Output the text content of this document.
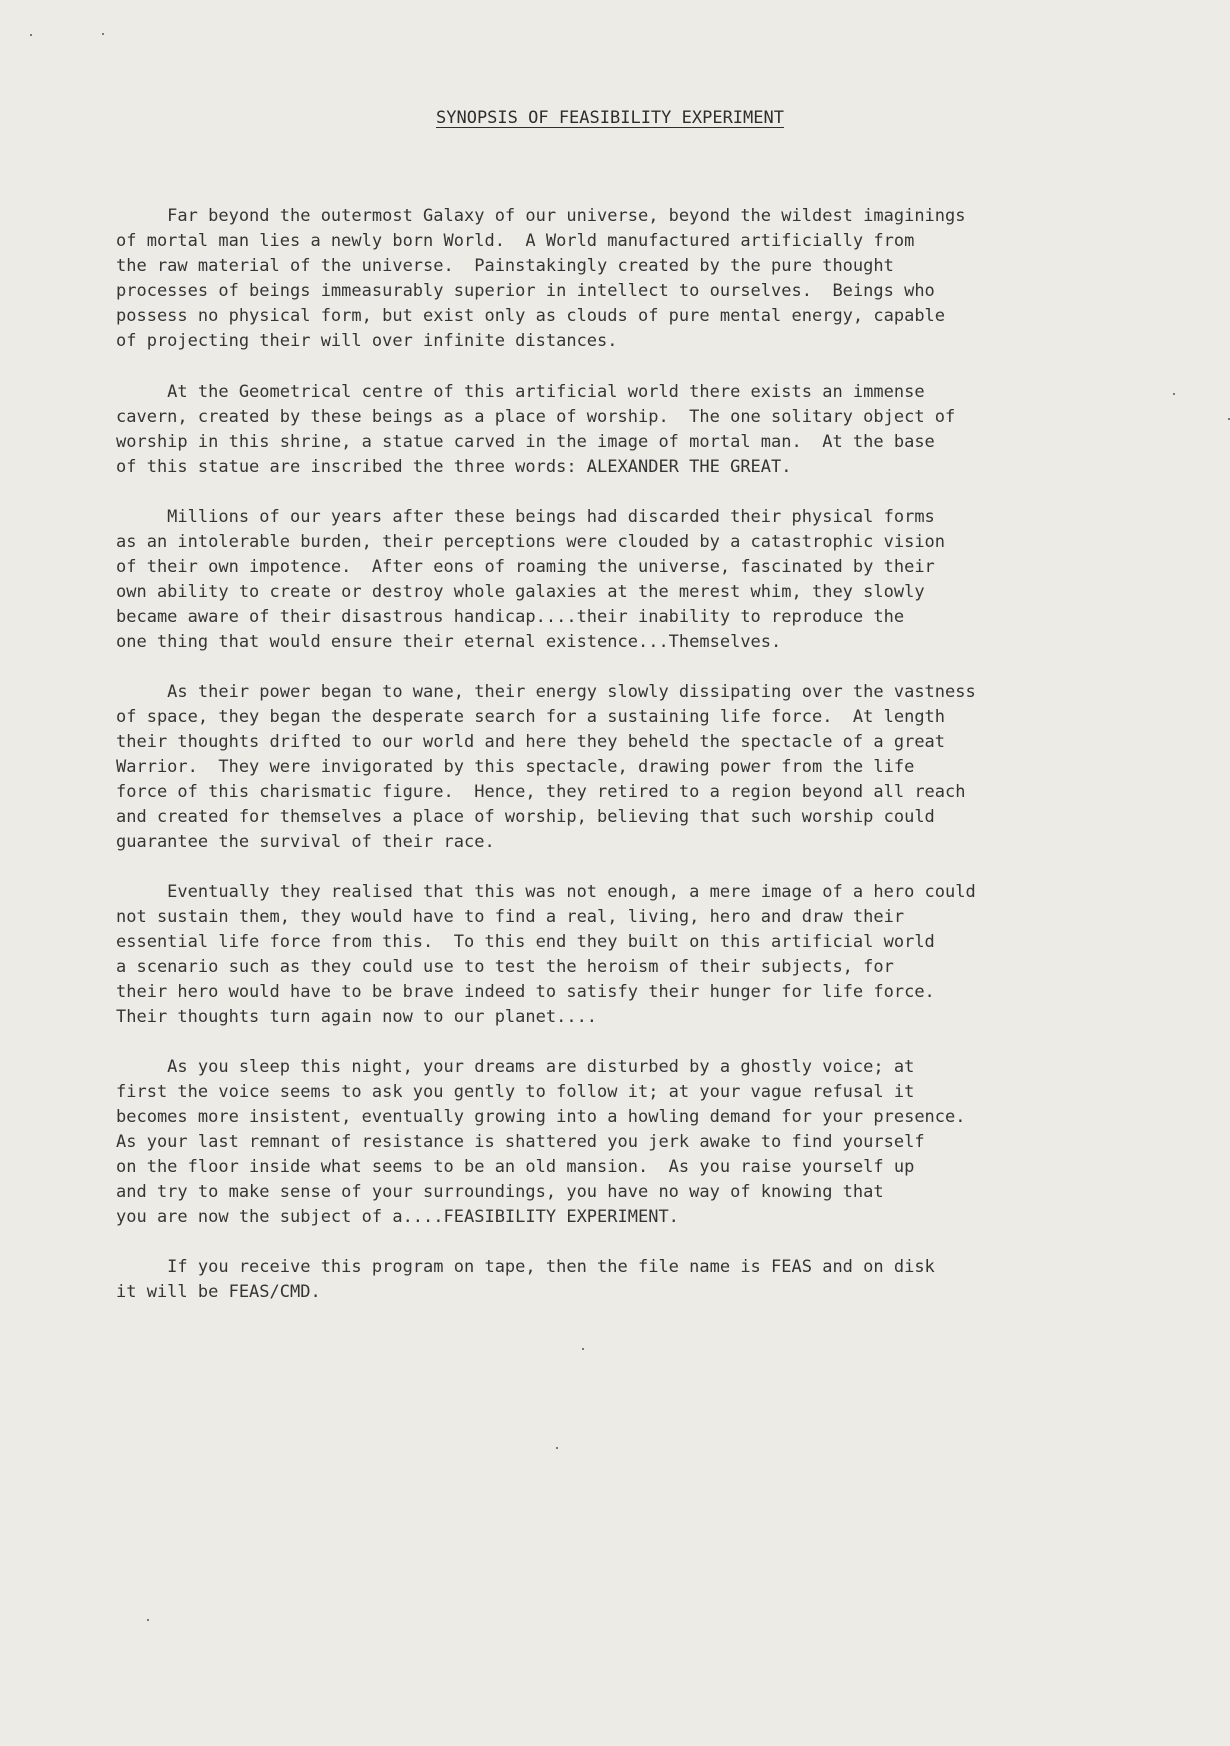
SYNOPSIS OF FEASIBILITY EXPERIMENT
Far beyond the outermost Galaxy of our universe, beyond the wildest imaginings
of mortal man lies a newly born World.  A World manufactured artificially from
the raw material of the universe.  Painstakingly created by the pure thought
processes of beings immeasurably superior in intellect to ourselves.  Beings who
possess no physical form, but exist only as clouds of pure mental energy, capable
of projecting their will over infinite distances.
At the Geometrical centre of this artificial world there exists an immense
cavern, created by these beings as a place of worship.  The one solitary object of
worship in this shrine, a statue carved in the image of mortal man.  At the base
of this statue are inscribed the three words: ALEXANDER THE GREAT.
Millions of our years after these beings had discarded their physical forms
as an intolerable burden, their perceptions were clouded by a catastrophic vision
of their own impotence.  After eons of roaming the universe, fascinated by their
own ability to create or destroy whole galaxies at the merest whim, they slowly
became aware of their disastrous handicap....their inability to reproduce the
one thing that would ensure their eternal existence...Themselves.
As their power began to wane, their energy slowly dissipating over the vastness
of space, they began the desperate search for a sustaining life force.  At length
their thoughts drifted to our world and here they beheld the spectacle of a great
Warrior.  They were invigorated by this spectacle, drawing power from the life
force of this charismatic figure.  Hence, they retired to a region beyond all reach
and created for themselves a place of worship, believing that such worship could
guarantee the survival of their race.
Eventually they realised that this was not enough, a mere image of a hero could
not sustain them, they would have to find a real, living, hero and draw their
essential life force from this.  To this end they built on this artificial world
a scenario such as they could use to test the heroism of their subjects, for
their hero would have to be brave indeed to satisfy their hunger for life force.
Their thoughts turn again now to our planet....
As you sleep this night, your dreams are disturbed by a ghostly voice; at
first the voice seems to ask you gently to follow it; at your vague refusal it
becomes more insistent, eventually growing into a howling demand for your presence.
As your last remnant of resistance is shattered you jerk awake to find yourself
on the floor inside what seems to be an old mansion.  As you raise yourself up
and try to make sense of your surroundings, you have no way of knowing that
you are now the subject of a....FEASIBILITY EXPERIMENT.
If you receive this program on tape, then the file name is FEAS and on disk
it will be FEAS/CMD.
